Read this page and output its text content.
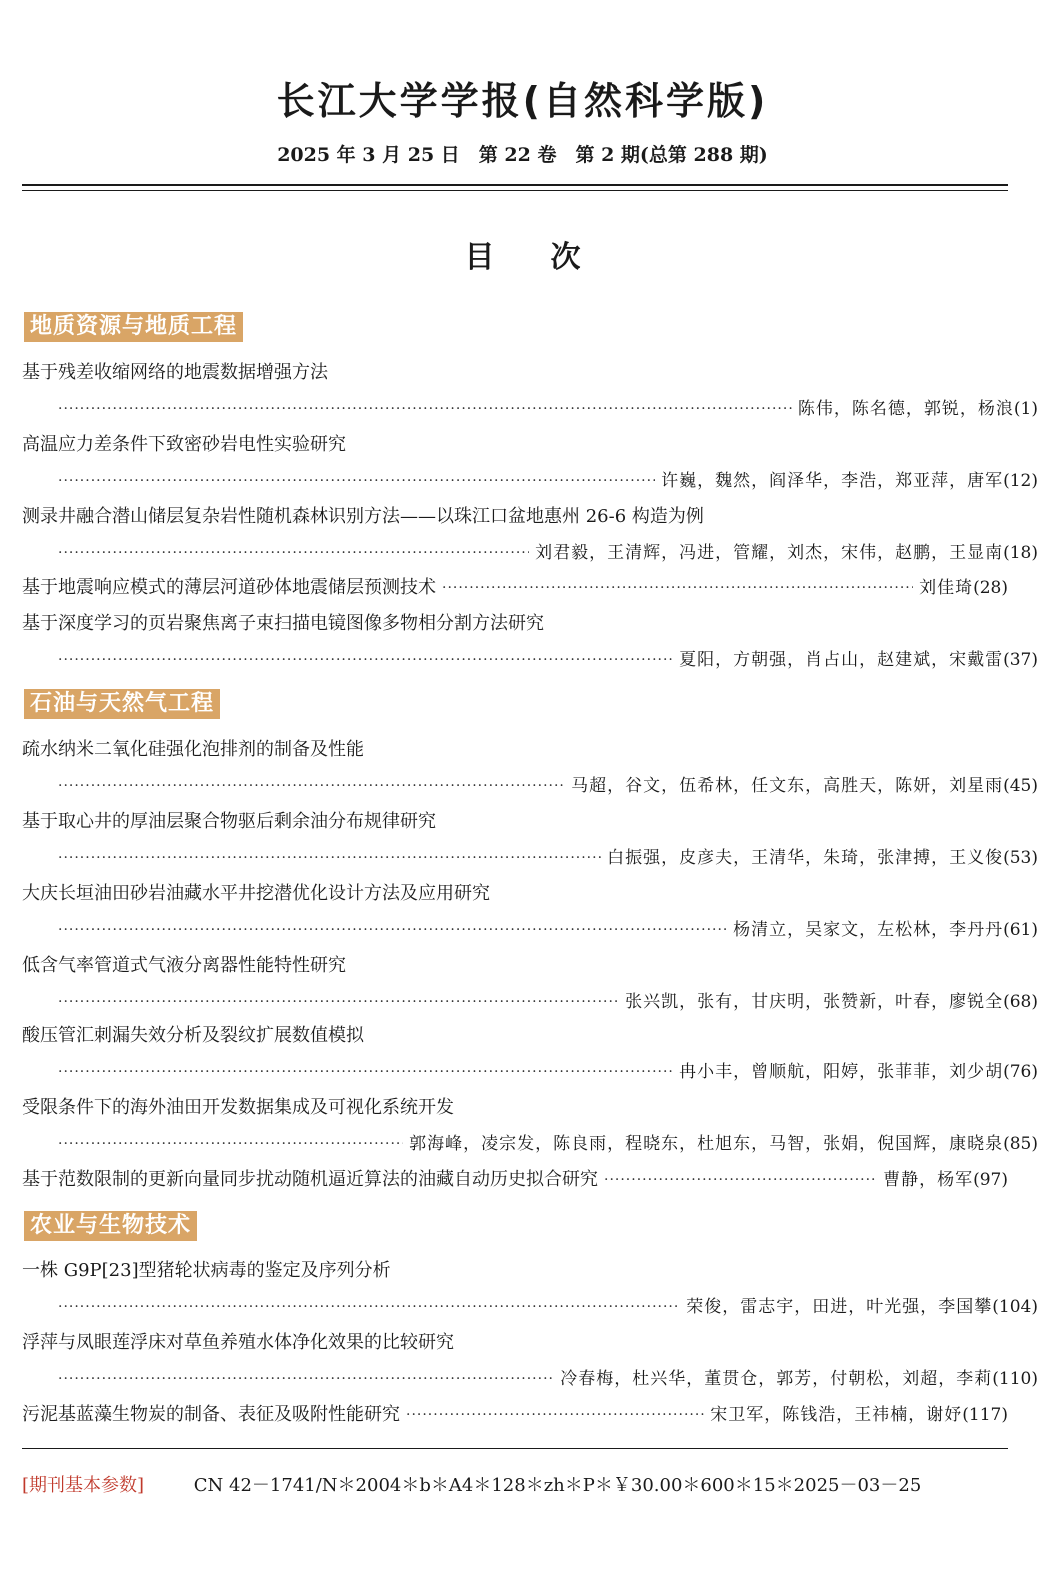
长江大学学报(自然科学版)
2025 年 3 月 25 日　第 22 卷　第 2 期(总第 288 期)
目次
地质资源与地质工程
基于残差收缩网络的地震数据增强方法
·····
陈伟，陈名德，郭锐，杨浪 (1)
高温应力差条件下致密砂岩电性实验研究
·····
许巍，魏然，阎泽华，李浩，郑亚萍，唐军 (12)
测录井融合潜山储层复杂岩性随机森林识别方法——以珠江口盆地惠州 26-6 构造为例
·····
刘君毅，王清辉，冯进，管耀，刘杰，宋伟，赵鹏，王显南 (18)
基于地震响应模式的薄层河道砂体地震储层预测技术 ·····	刘佳琦 (28)
基于深度学习的页岩聚焦离子束扫描电镜图像多物相分割方法研究
·····
夏阳，方朝强，肖占山，赵建斌，宋戴雷 (37)
石油与天然气工程
疏水纳米二氧化硅强化泡排剂的制备及性能
·····
马超，谷文，伍希林，任文东，高胜天，陈妍，刘星雨 (45)
基于取心井的厚油层聚合物驱后剩余油分布规律研究
·····
白振强，皮彦夫，王清华，朱琦，张津搏，王义俊 (53)
大庆长垣油田砂岩油藏水平井挖潜优化设计方法及应用研究
·····
杨清立，吴家文，左松林，李丹丹 (61)
低含气率管道式气液分离器性能特性研究
·····
张兴凯，张有，甘庆明，张赞新，叶春，廖锐全 (68)
酸压管汇刺漏失效分析及裂纹扩展数值模拟
·····
冉小丰，曾顺航，阳婷，张菲菲，刘少胡 (76)
受限条件下的海外油田开发数据集成及可视化系统开发
·····
郭海峰，凌宗发，陈良雨，程晓东，杜旭东，马智，张娟，倪国辉，康晓泉 (85)
基于范数限制的更新向量同步扰动随机逼近算法的油藏自动历史拟合研究 ·····	曹静，杨军 (97)
农业与生物技术
一株 G9P[23]型猪轮状病毒的鉴定及序列分析
·····
荣俊，雷志宇，田进，叶光强，李国攀 (104)
浮萍与凤眼莲浮床对草鱼养殖水体净化效果的比较研究
·····
冷春梅，杜兴华，董贯仓，郭芳，付朝松，刘超，李莉 (110)
污泥基蓝藻生物炭的制备、表征及吸附性能研究 ·····	宋卫军，陈钱浩，王祎楠，谢妤 (117)
[期刊基本参数]	CN 42－1741/N＊2004＊b＊A4＊128＊zh＊P＊￥30.00＊600＊15＊2025－03－25
